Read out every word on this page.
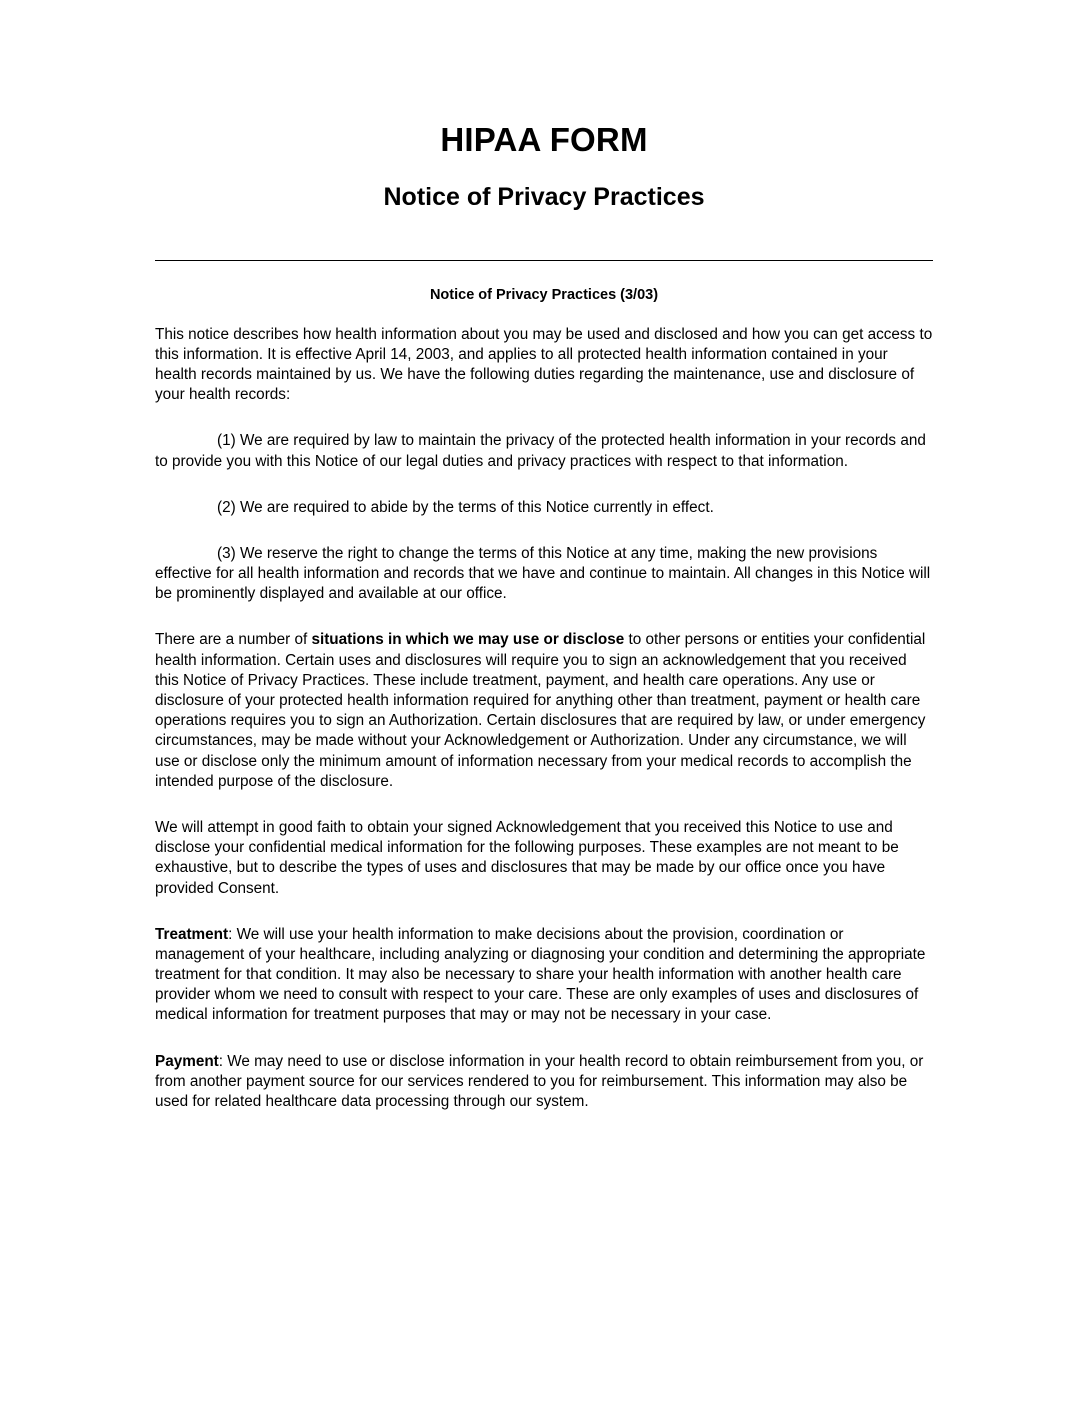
HIPAA FORM
Notice of Privacy Practices
Notice of Privacy Practices (3/03)

This notice describes how health information about you may be used and disclosed and how you can get access to this information. It is effective April 14, 2003, and applies to all protected health information contained in your health records maintained by us. We have the following duties regarding the maintenance, use and disclosure of your health records:

(1) We are required by law to maintain the privacy of the protected health information in your records and to provide you with this Notice of our legal duties and privacy practices with respect to that information.

(2) We are required to abide by the terms of this Notice currently in effect.

(3) We reserve the right to change the terms of this Notice at any time, making the new provisions effective for all health information and records that we have and continue to maintain. All changes in this Notice will be prominently displayed and available at our office.

There are a number of situations in which we may use or disclose to other persons or entities your confidential health information. Certain uses and disclosures will require you to sign an acknowledgement that you received this Notice of Privacy Practices. These include treatment, payment, and health care operations. Any use or disclosure of your protected health information required for anything other than treatment, payment or health care operations requires you to sign an Authorization. Certain disclosures that are required by law, or under emergency circumstances, may be made without your Acknowledgement or Authorization. Under any circumstance, we will use or disclose only the minimum amount of information necessary from your medical records to accomplish the intended purpose of the disclosure.

We will attempt in good faith to obtain your signed Acknowledgement that you received this Notice to use and disclose your confidential medical information for the following purposes. These examples are not meant to be exhaustive, but to describe the types of uses and disclosures that may be made by our office once you have provided Consent.

Treatment: We will use your health information to make decisions about the provision, coordination or management of your healthcare, including analyzing or diagnosing your condition and determining the appropriate treatment for that condition. It may also be necessary to share your health information with another health care provider whom we need to consult with respect to your care. These are only examples of uses and disclosures of medical information for treatment purposes that may or may not be necessary in your case.

Payment: We may need to use or disclose information in your health record to obtain reimbursement from you, or from another payment source for our services rendered to you for reimbursement. This information may also be used for related healthcare data processing through our system.
